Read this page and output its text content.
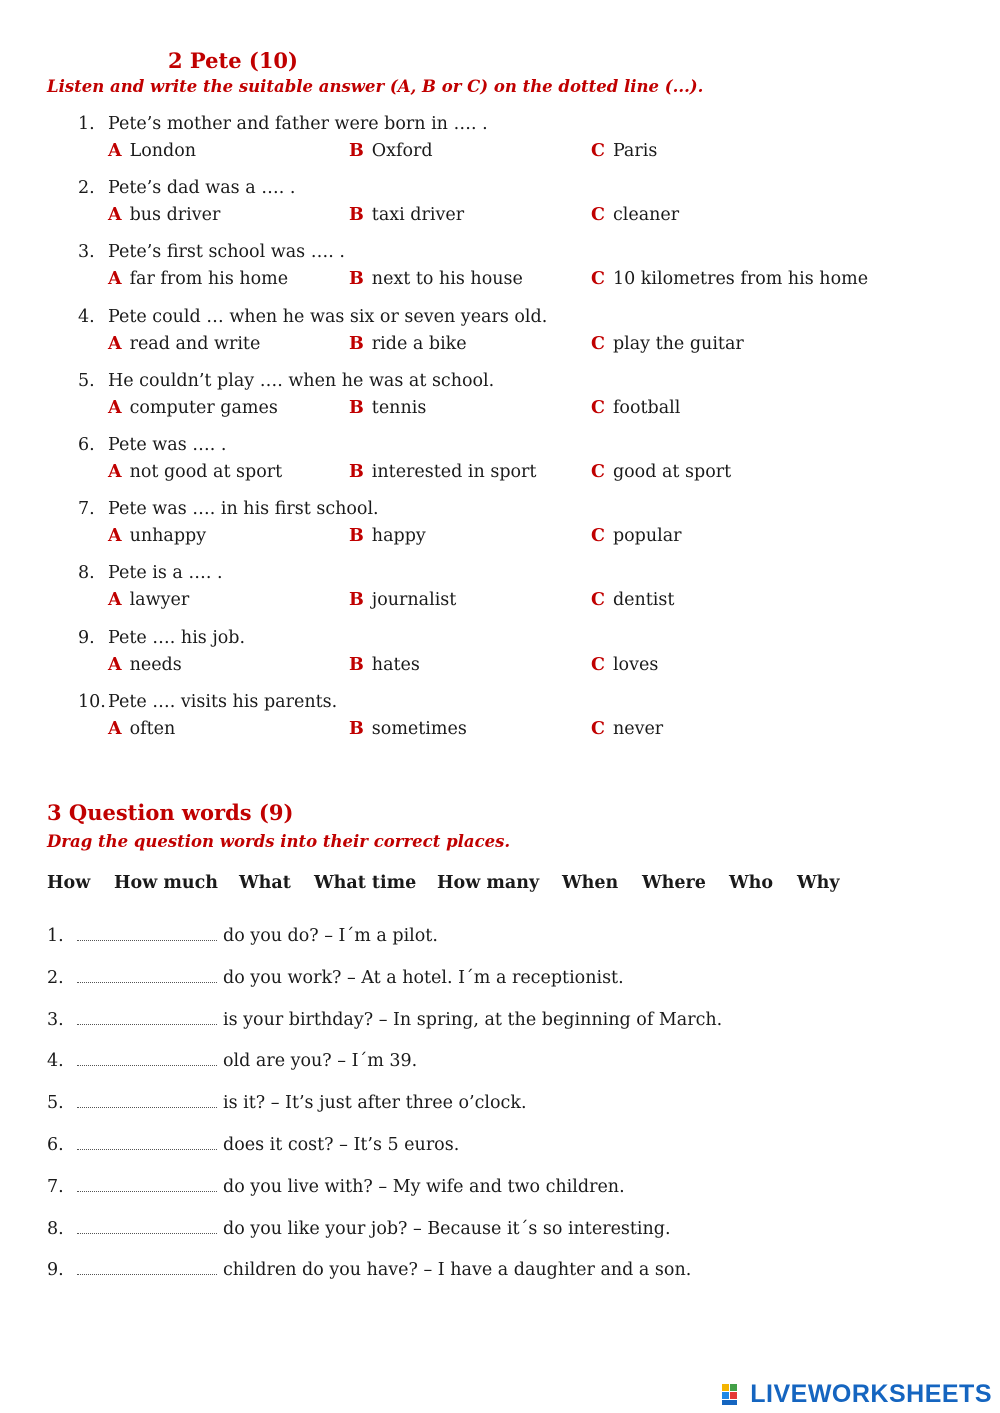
2 Pete (10)
Listen and write the suitable answer (A, B or C) on the dotted line (...).
1. Pete’s mother and father were born in …. .
A London	B Oxford	C Paris
2. Pete’s dad was a …. .
A bus driver	B taxi driver	C cleaner
3. Pete’s first school was …. .
A far from his home	B next to his house	C 10 kilometres from his home
4. Pete could … when he was six or seven years old.
A read and write	B ride a bike	C play the guitar
5. He couldn’t play …. when he was at school.
A computer games	B tennis	C football
6. Pete was …. .
A not good at sport	B interested in sport	C good at sport
7. Pete was …. in his first school.
A unhappy	B happy	C popular
8. Pete is a …. .
A lawyer	B journalist	C dentist
9. Pete …. his job.
A needs	B hates	C loves
10. Pete …. visits his parents.
A often	B sometimes	C never
3 Question words (9)
Drag the question words into their correct places.
How How much What What time How many When Where Who Why
1.	do you do? – I´m a pilot.
2.	do you work? – At a hotel. I´m a receptionist.
3.	is your birthday? – In spring, at the beginning of March.
4.	old are you? – I´m 39.
5.	is it? – It’s just after three o’clock.
6.	does it cost? – It’s 5 euros.
7.	do you live with? – My wife and two children.
8.	do you like your job? – Because it´s so interesting.
9.	children do you have? – I have a daughter and a son.
LIVEWORKSHEETS
